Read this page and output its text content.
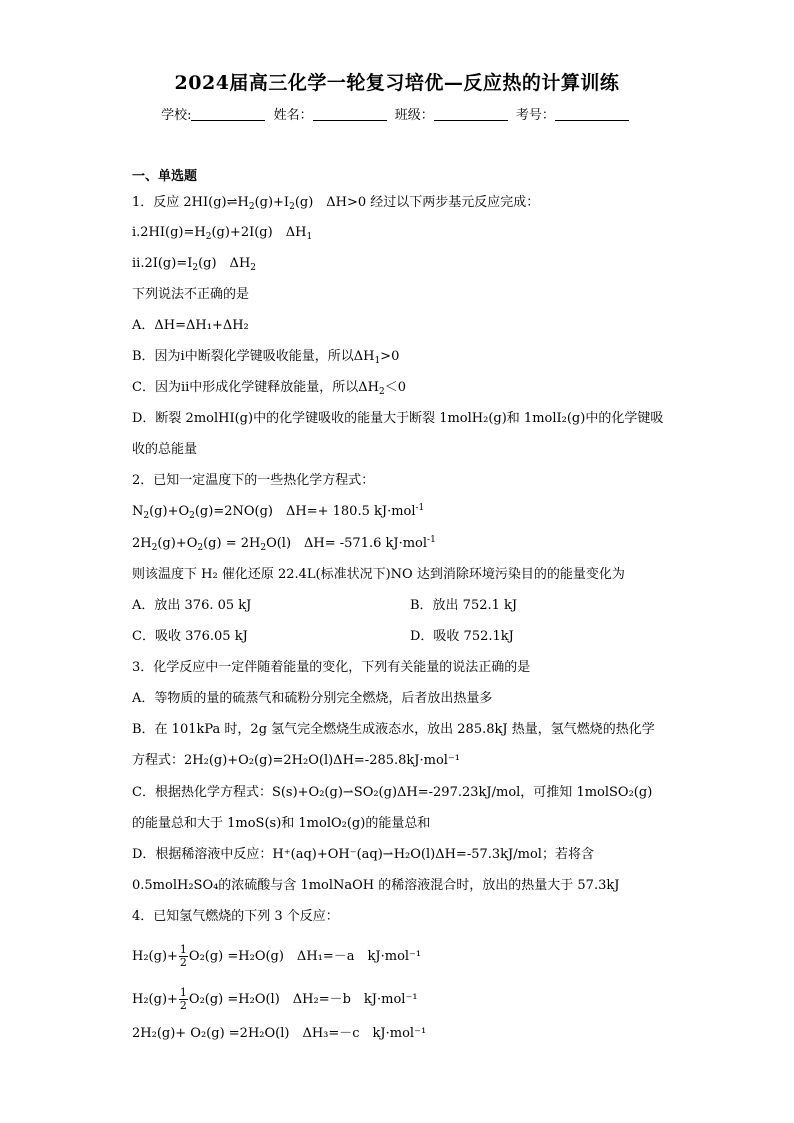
2024届高三化学一轮复习培优—反应热的计算训练
学校:	姓名：	班级：	考号：
一、单选题
1．反应 $2HI(g)\rightleftharpoons H_2(g)+I_2(g)$　ΔH>0 经过以下两步基元反应完成：
$ⅰ.2HI(g)=H_2(g)+2I(g)$　$\Delta H_1$
$ⅱ.2I(g)=I_2(g)$　$\Delta H_2$
下列说法不正确的是
A．ΔH=ΔH₁+ΔH₂
B．因为ⅰ中断裂化学键吸收能量，所以$\Delta H_1>0$
C．因为ⅱ中形成化学键释放能量，所以$\Delta H_2<0$
D．断裂 2molHI(g)中的化学键吸收的能量大于断裂 1molH₂(g)和 1molI₂(g)中的化学键吸
收的总能量
2．已知一定温度下的一些热化学方程式：
$N_2(g)+O_2(g)=2NO(g)$　ΔH=+ 180.5 kJ·mol$^{-1}$
$2H_2(g)+O_2(g) = 2H_2O(l)$　ΔH= -571.6 kJ·mol$^{-1}$
则该温度下 H₂ 催化还原 22.4L(标准状况下)NO 达到消除环境污染目的的能量变化为
A．放出 376. 05 kJ	B．放出 752.1 kJ
C．吸收 376.05 kJ	D．吸收 752.1kJ
3．化学反应中一定伴随着能量的变化，下列有关能量的说法正确的是
A．等物质的量的硫蒸气和硫粉分别完全燃烧，后者放出热量多
B．在 101kPa 时，2g 氢气完全燃烧生成液态水，放出 285.8kJ 热量，氢气燃烧的热化学
方程式：2H₂(g)+O₂(g)=2H₂O(l)ΔH=-285.8kJ·mol⁻¹
C．根据热化学方程式：S(s)+O₂(g)⇀SO₂(g)ΔH=-297.23kJ/mol，可推知 1molSO₂(g)
的能量总和大于 1moS(s)和 1molO₂(g)的能量总和
D．根据稀溶液中反应：H⁺(aq)+OH⁻(aq)⇀H₂O(l)ΔH=-57.3kJ/mol；若将含
0.5molH₂SO₄的浓硫酸与含 1molNaOH 的稀溶液混合时，放出的热量大于 57.3kJ
4．已知氢气燃烧的下列 3 个反应：
$H_2(g)+ \frac{1}{2} O_2(g) =H_2O(g)$　ΔH₁=－a　kJ·mol⁻¹
$H_2(g)+ \frac{1}{2} O_2(g) =H_2O(l)$　ΔH₂=－b　kJ·mol⁻¹
2H₂(g)+ O₂(g) =2H₂O(l)　ΔH₃=－c　kJ·mol⁻¹
